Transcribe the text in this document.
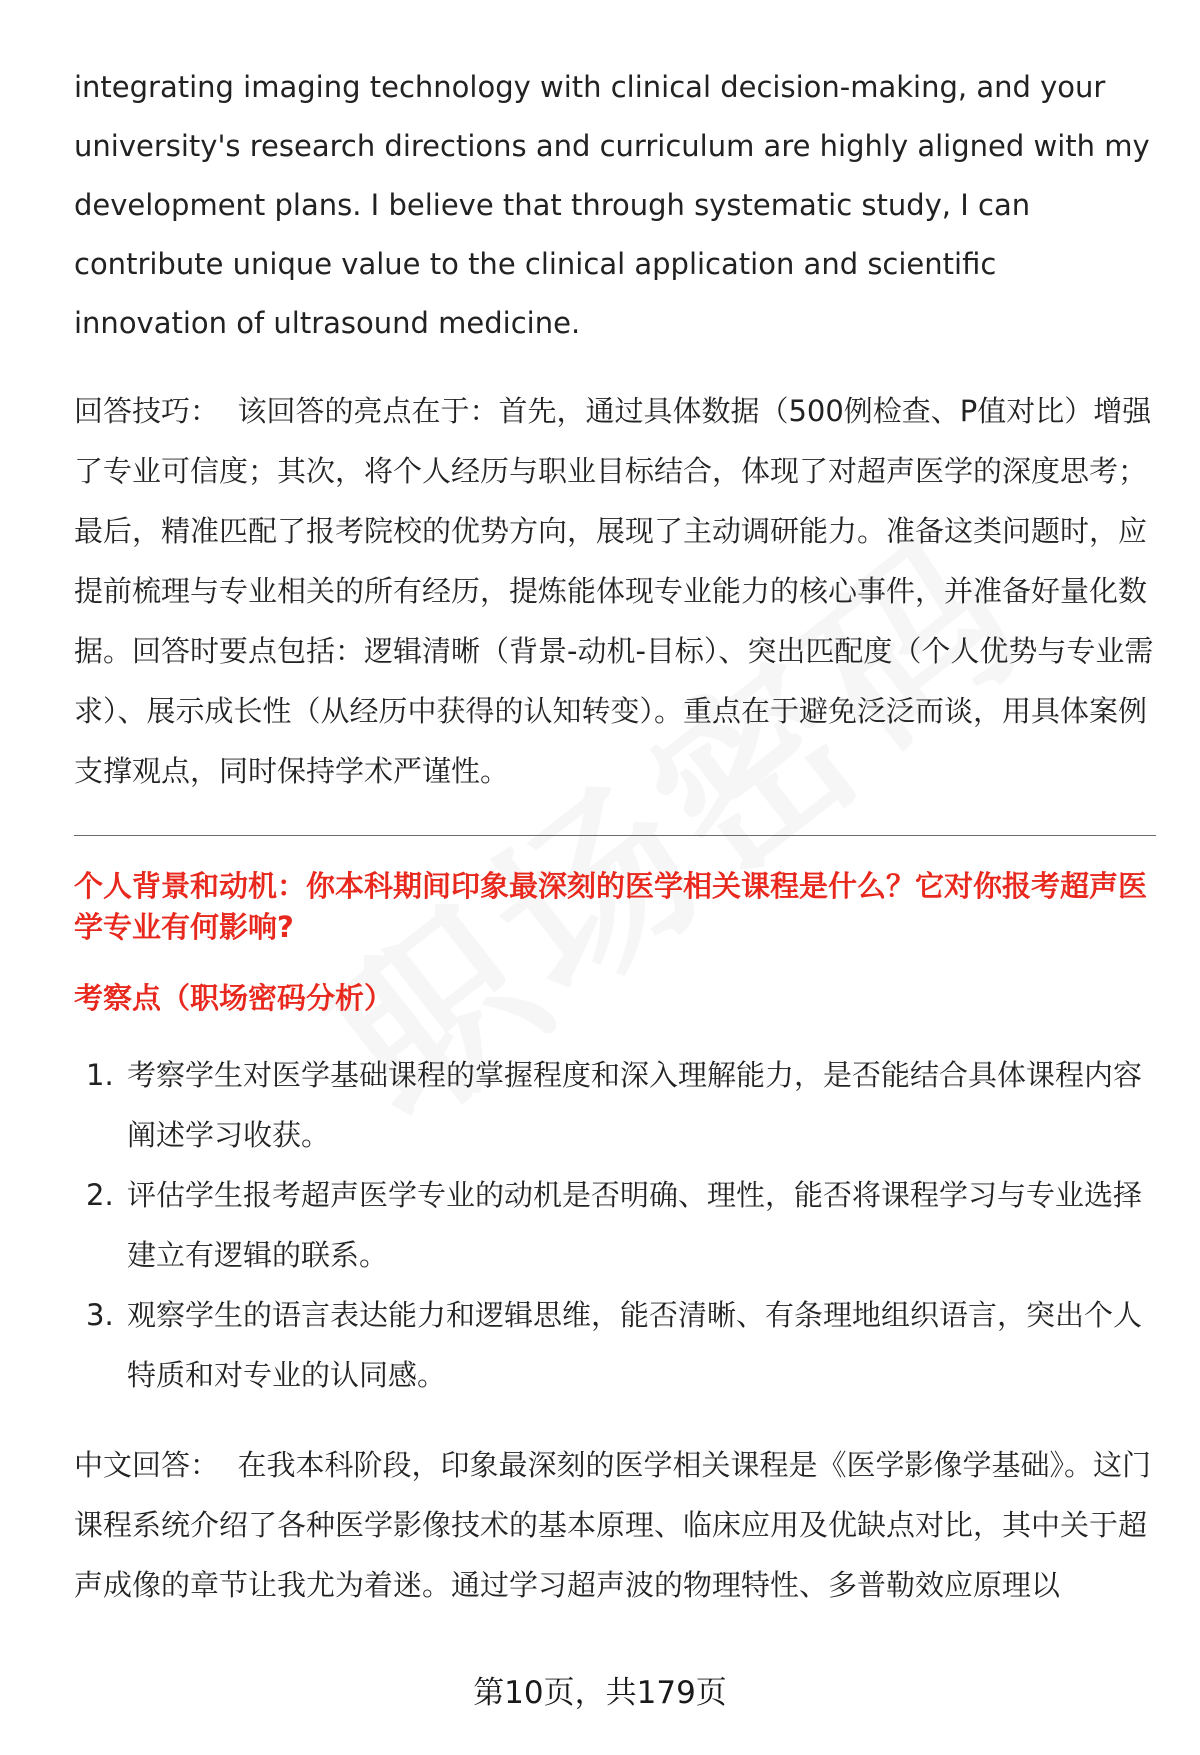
integrating imaging technology with clinical decision-making, and your university's research directions and curriculum are highly aligned with my development plans. I believe that through systematic study, I can contribute unique value to the clinical application and scientific innovation of ultrasound medicine.

回答技巧： 该回答的亮点在于：首先，通过具体数据（500例检查、P值对比）增强了专业可信度；其次，将个人经历与职业目标结合，体现了对超声医学的深度思考；最后，精准匹配了报考院校的优势方向，展现了主动调研能力。准备这类问题时，应提前梳理与专业相关的所有经历，提炼能体现专业能力的核心事件，并准备好量化数据。回答时要点包括：逻辑清晰（背景-动机-目标）、突出匹配度（个人优势与专业需求）、展示成长性（从经历中获得的认知转变）。重点在于避免泛泛而谈，用具体案例支撑观点，同时保持学术严谨性。

个人背景和动机：你本科期间印象最深刻的医学相关课程是什么？它对你报考超声医学专业有何影响?
考察点（职场密码分析）
1. 考察学生对医学基础课程的掌握程度和深入理解能力，是否能结合具体课程内容阐述学习收获。
2. 评估学生报考超声医学专业的动机是否明确、理性，能否将课程学习与专业选择建立有逻辑的联系。
3. 观察学生的语言表达能力和逻辑思维，能否清晰、有条理地组织语言，突出个人特质和对专业的认同感。

中文回答： 在我本科阶段，印象最深刻的医学相关课程是《医学影像学基础》。这门课程系统介绍了各种医学影像技术的基本原理、临床应用及优缺点对比，其中关于超声成像的章节让我尤为着迷。通过学习超声波的物理特性、多普勒效应原理以

第10页，共179页
